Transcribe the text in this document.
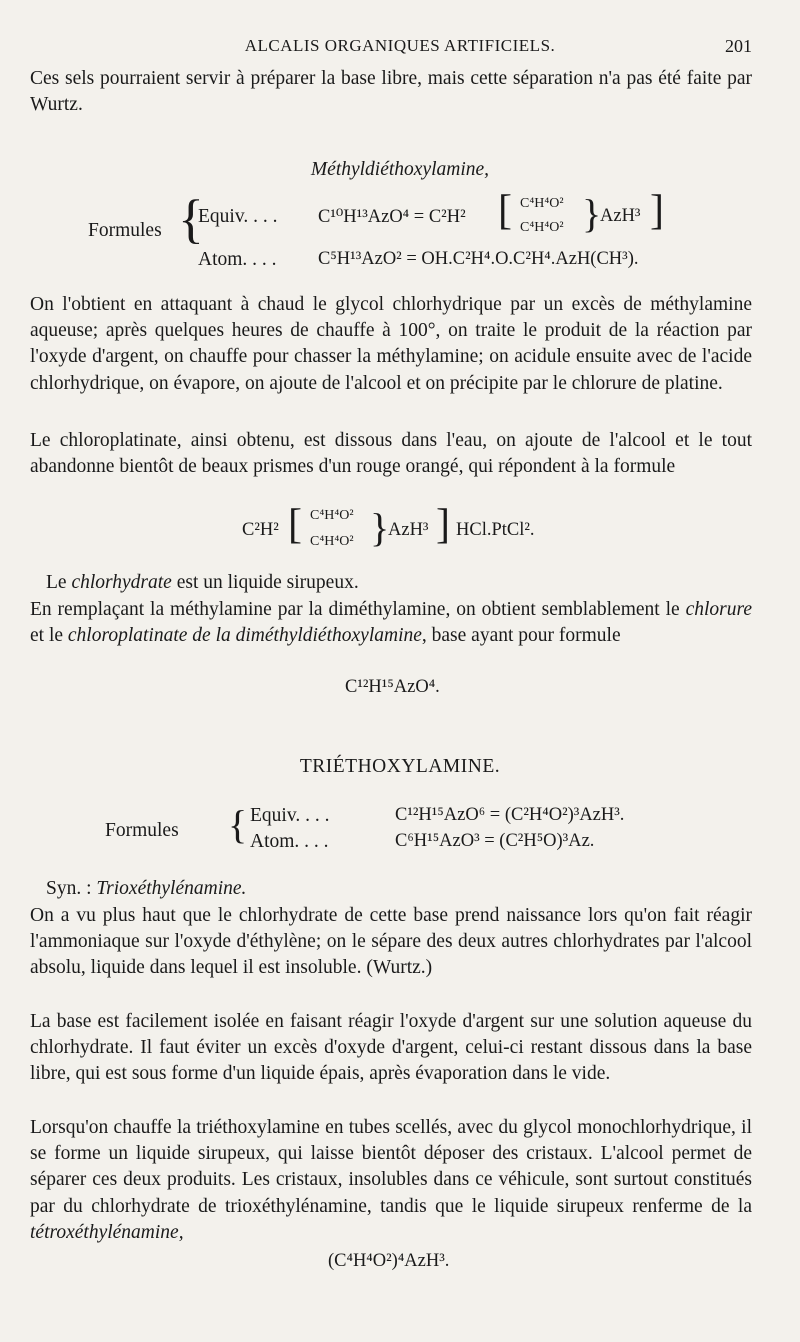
ALCALIS ORGANIQUES ARTIFICIELS.	201

Ces sels pourraient servir à préparer la base libre, mais cette séparation n'a pas été faite par Wurtz.

Méthyldiéthoxylamine,
Formules {
Equiv. . . . C¹⁰H¹³AzO⁴ = C²H² [ C⁴H⁴O²
C⁴H⁴O² }
AzH³ ]
Atom. . . . C⁵H¹³AzO² = OH.C²H⁴.O.C²H⁴.AzH(CH³).

On l'obtient en attaquant à chaud le glycol chlorhydrique par un excès de méthylamine aqueuse; après quelques heures de chauffe à 100°, on traite le produit de la réaction par l'oxyde d'argent, on chauffe pour chasser la méthylamine; on acidule ensuite avec de l'acide chlorhydrique, on évapore, on ajoute de l'alcool et on précipite par le chlorure de platine.

Le chloroplatinate, ainsi obtenu, est dissous dans l'eau, on ajoute de l'alcool et le tout abandonne bientôt de beaux prismes d'un rouge orangé, qui répondent à la formule

C²H² [ C⁴H⁴O²
C⁴H⁴O² }
AzH³ ] HCl.PtCl².
Le chlorhydrate est un liquide sirupeux.

En remplaçant la méthylamine par la diméthylamine, on obtient semblablement le chlorure et le chloroplatinate de la diméthyldiéthoxylamine, base ayant pour formule

C¹²H¹⁵AzO⁴.
TRIÉTHOXYLAMINE.
Formules { Equiv. . . .	C¹²H¹⁵AzO⁶ = (C²H⁴O²)³AzH³.
Atom. . . .	C⁶H¹⁵AzO³ = (C²H⁵O)³Az.
Syn. : Trioxéthylénamine.

On a vu plus haut que le chlorhydrate de cette base prend naissance lors qu'on fait réagir l'ammoniaque sur l'oxyde d'éthylène; on le sépare des deux autres chlorhydrates par l'alcool absolu, liquide dans lequel il est insoluble. (Wurtz.)

La base est facilement isolée en faisant réagir l'oxyde d'argent sur une solution aqueuse du chlorhydrate. Il faut éviter un excès d'oxyde d'argent, celui-ci restant dissous dans la base libre, qui est sous forme d'un liquide épais, après évaporation dans le vide.

Lorsqu'on chauffe la triéthoxylamine en tubes scellés, avec du glycol monochlorhydrique, il se forme un liquide sirupeux, qui laisse bientôt déposer des cristaux. L'alcool permet de séparer ces deux produits. Les cristaux, insolubles dans ce véhicule, sont surtout constitués par du chlorhydrate de trioxéthylénamine, tandis que le liquide sirupeux renferme de la tétroxéthylénamine,

(C⁴H⁴O²)⁴AzH³.
